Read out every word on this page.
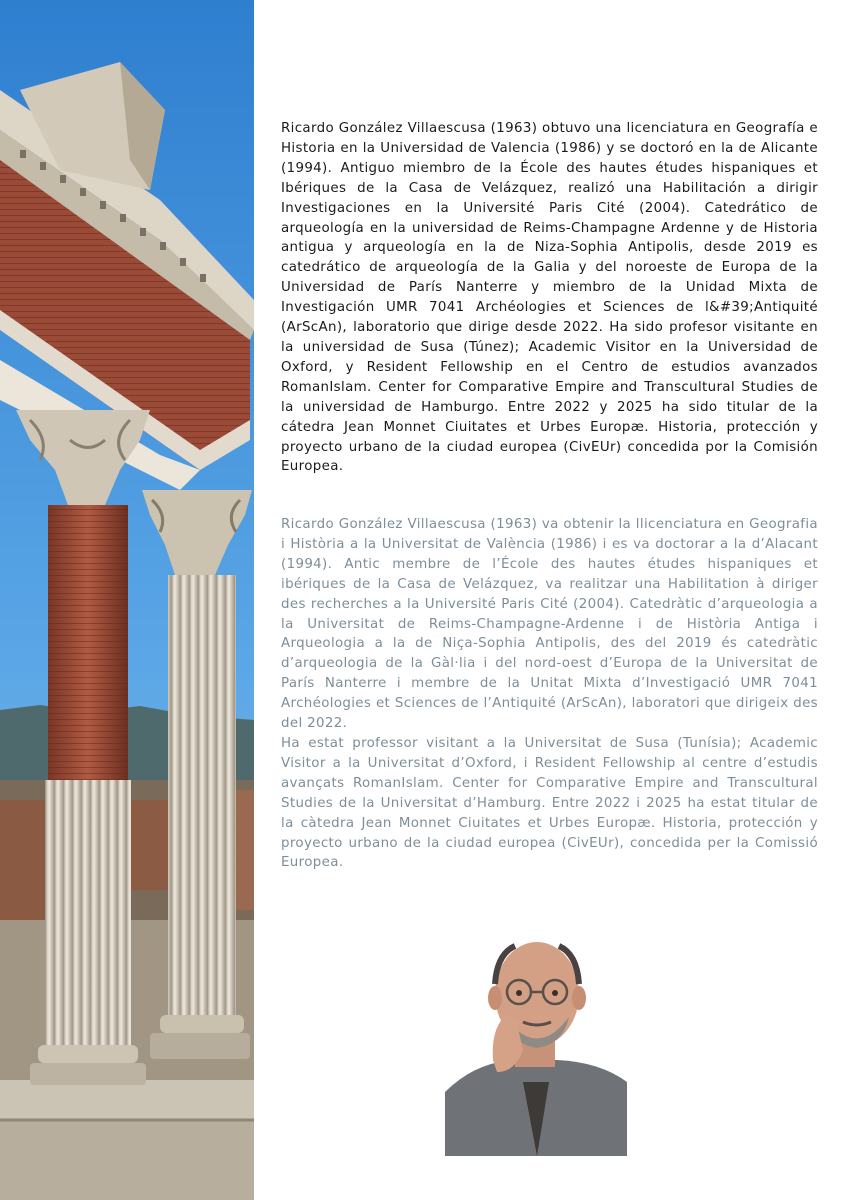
Ricardo González Villaescusa (1963) obtuvo una licenciatura en Geografía e Historia en la Universidad de Valencia (1986) y se doctoró en la de Alicante (1994). Antiguo miembro de la École des hautes études hispaniques et Ibériques de la Casa de Velázquez, realizó una Habilitación a dirigir Investigaciones en la Université Paris Cité (2004). Catedrático de arqueología en la universidad de Reims-Champagne Ardenne y de Historia antigua y arqueología en la de Niza-Sophia Antipolis, desde 2019 es catedrático de arqueología de la Galia y del noroeste de Europa de la Universidad de París Nanterre y miembro de la Unidad Mixta de Investigación UMR 7041 Archéologies et Sciences de l&#39;Antiquité (ArScAn), laboratorio que dirige desde 2022. Ha sido profesor visitante en la universidad de Susa (Túnez); Academic Visitor en la Universidad de Oxford, y Resident Fellowship en el Centro de estudios avanzados RomanIslam. Center for Comparative Empire and Transcultural Studies de la universidad de Hamburgo. Entre 2022 y 2025 ha sido titular de la cátedra Jean Monnet Ciuitates et Urbes Europæ. Historia, protección y proyecto urbano de la ciudad europea (CivEUr) concedida por la Comisión Europea.

Ricardo González Villaescusa (1963) va obtenir la llicenciatura en Geografia i Història a la Universitat de València (1986) i es va doctorar a la d’Alacant (1994). Antic membre de l’École des hautes études hispaniques et ibériques de la Casa de Velázquez, va realitzar una Habilitation à diriger des recherches a la Université Paris Cité (2004). Catedràtic d’arqueologia a la Universitat de Reims-Champagne-Ardenne i de Història Antiga i Arqueologia a la de Niça-Sophia Antipolis, des del 2019 és catedràtic d’arqueologia de la Gàl·lia i del nord-oest d’Europa de la Universitat de París Nanterre i membre de la Unitat Mixta d’Investigació UMR 7041 Archéologies et Sciences de l’Antiquité (ArScAn), laboratori que dirigeix des del 2022.

Ha estat professor visitant a la Universitat de Susa (Tunísia); Academic Visitor a la Universitat d’Oxford, i Resident Fellowship al centre d’estudis avançats RomanIslam. Center for Comparative Empire and Transcultural Studies de la Universitat d’Hamburg. Entre 2022 i 2025 ha estat titular de la càtedra Jean Monnet Ciuitates et Urbes Europæ. Historia, protección y proyecto urbano de la ciudad europea (CivEUr), concedida per la Comissió Europea.
